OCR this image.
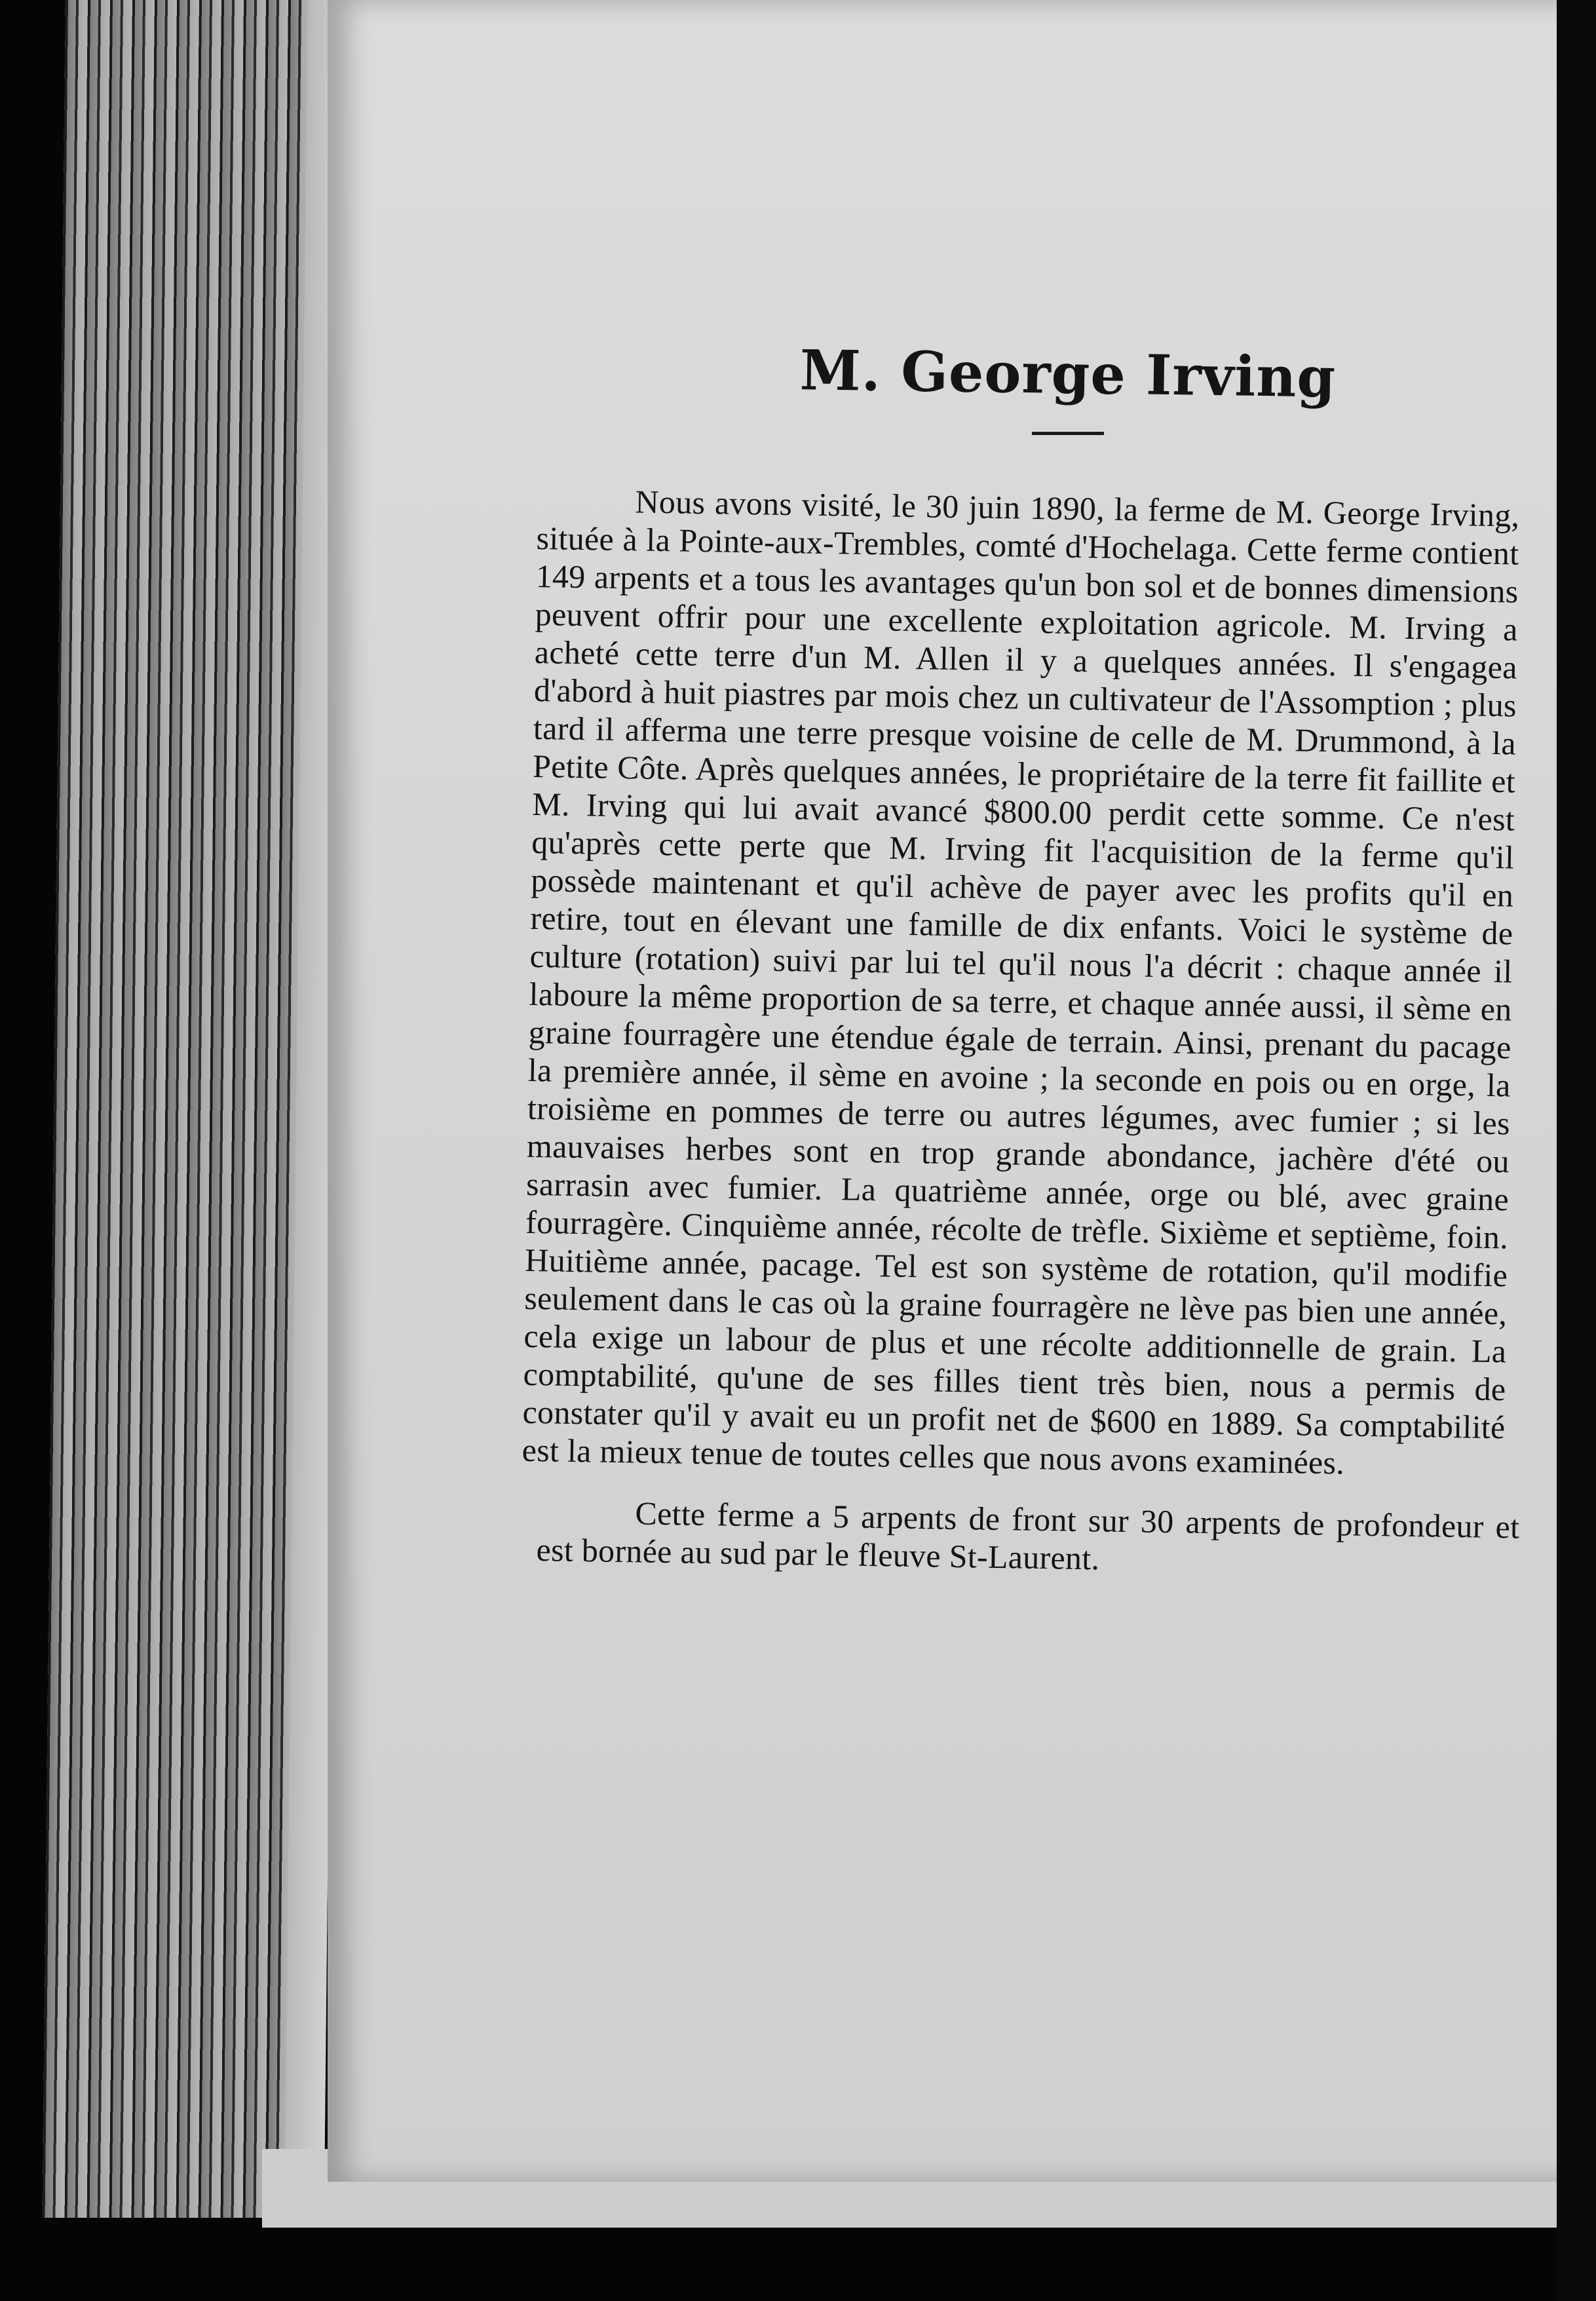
M. George Irving

Nous avons visité, le 30 juin 1890, la ferme de M. George Irving, située à la Pointe-aux-Trembles, comté d'Hochelaga. Cette ferme contient 149 arpents et a tous les avantages qu'un bon sol et de bonnes dimensions peuvent offrir pour une excellente exploitation agricole. M. Irving a acheté cette terre d'un M. Allen il y a quelques années. Il s'engagea d'abord à huit piastres par mois chez un cultivateur de l'Assomption ; plus tard il afferma une terre presque voisine de celle de M. Drummond, à la Petite Côte. Après quelques années, le propriétaire de la terre fit faillite et M. Irving qui lui avait avancé $800.00 perdit cette somme. Ce n'est qu'après cette perte que M. Irving fit l'acquisition de la ferme qu'il possède maintenant et qu'il achève de payer avec les profits qu'il en retire, tout en élevant une famille de dix enfants. Voici le système de culture (rotation) suivi par lui tel qu'il nous l'a décrit : chaque année il laboure la même proportion de sa terre, et chaque année aussi, il sème en graine fourragère une étendue égale de terrain. Ainsi, prenant du pacage la première année, il sème en avoine ; la seconde en pois ou en orge, la troisième en pommes de terre ou autres légumes, avec fumier ; si les mauvaises herbes sont en trop grande abondance, jachère d'été ou sarrasin avec fumier. La quatrième année, orge ou blé, avec graine fourragère. Cinquième année, récolte de trèfle. Sixième et septième, foin. Huitième année, pacage. Tel est son système de rotation, qu'il modifie seulement dans le cas où la graine fourragère ne lève pas bien une année, cela exige un labour de plus et une récolte additionnelle de grain. La comptabilité, qu'une de ses filles tient très bien, nous a permis de constater qu'il y avait eu un profit net de $600 en 1889. Sa comptabilité est la mieux tenue de toutes celles que nous avons examinées.

Cette ferme a 5 arpents de front sur 30 arpents de profondeur et est bornée au sud par le fleuve St-Laurent.
